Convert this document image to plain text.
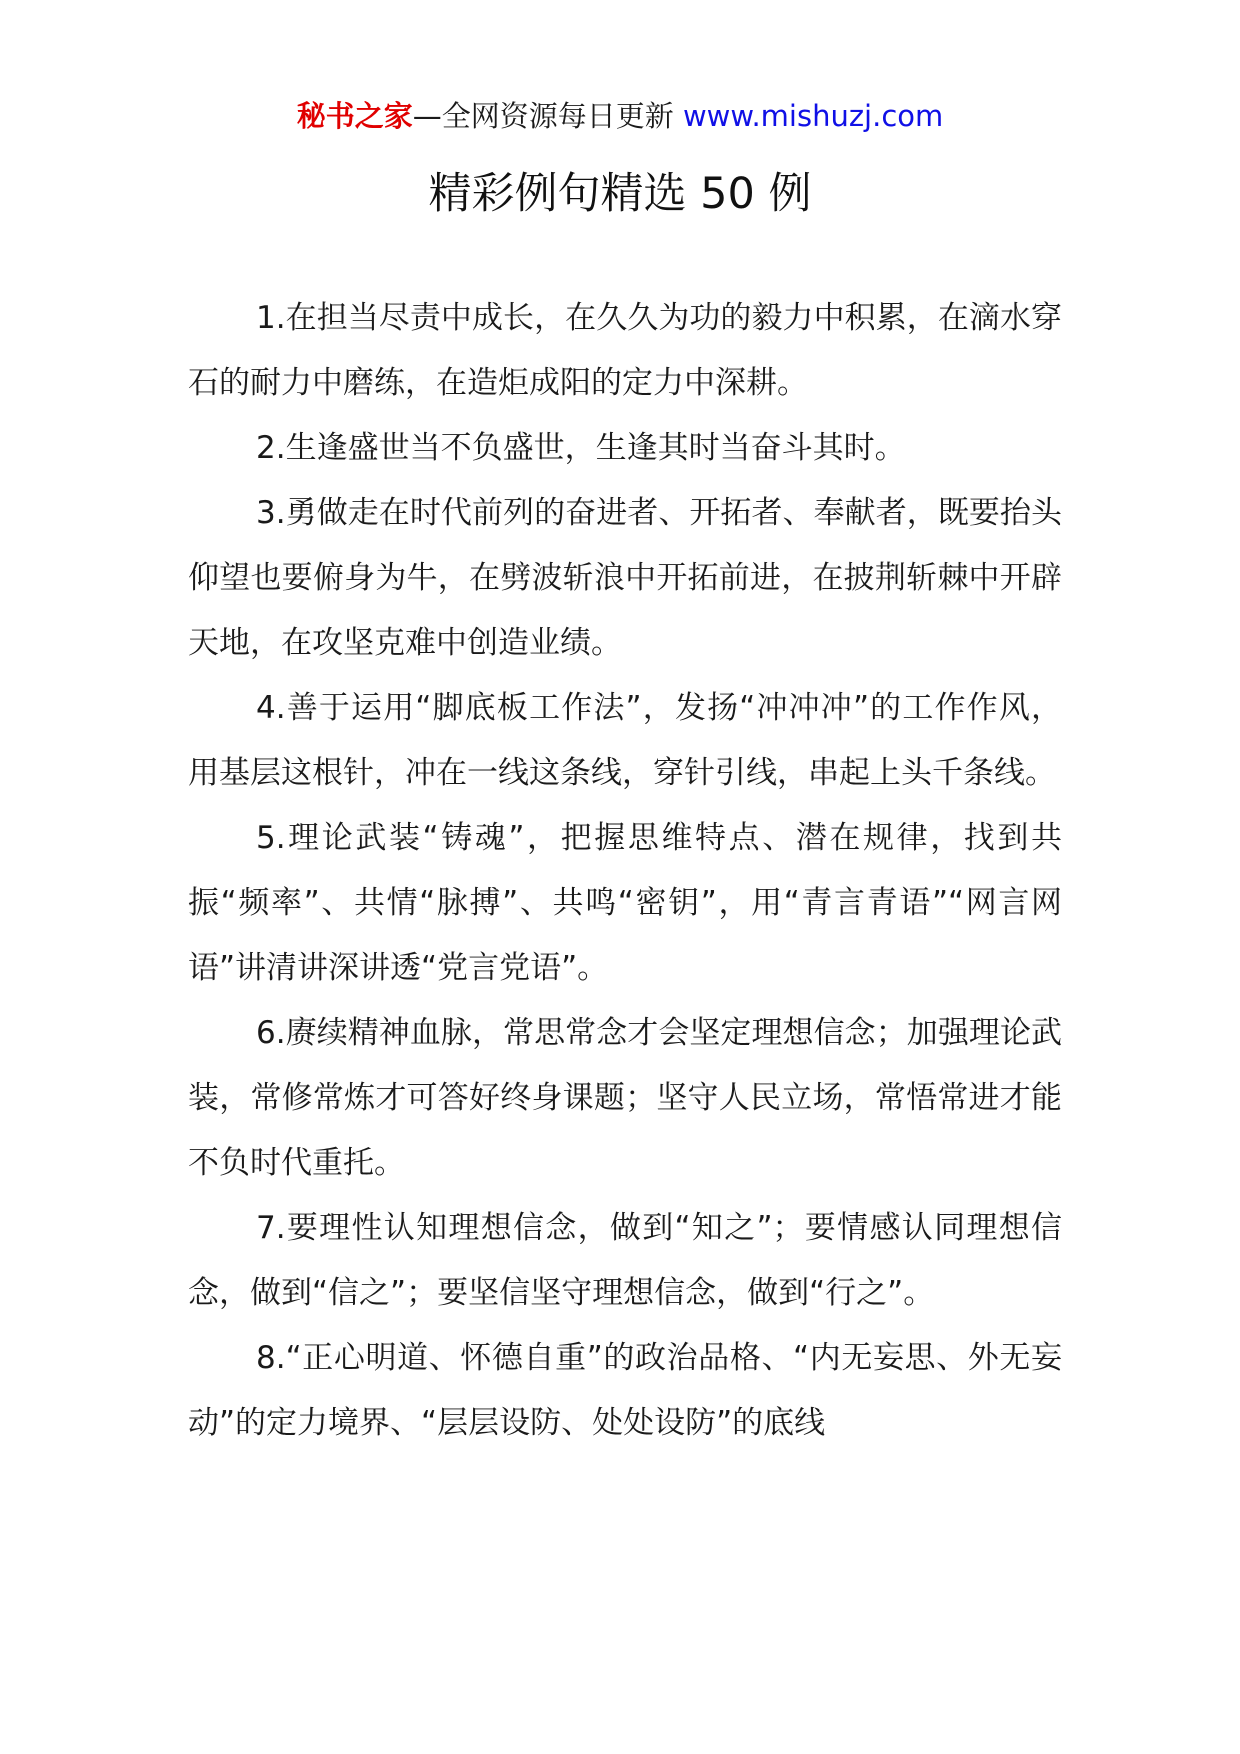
秘书之家—全网资源每日更新 www.mishuzj.com
精彩例句精选 50 例

1.在担当尽责中成长，在久久为功的毅力中积累，在滴水穿石的耐力中磨练，在造炬成阳的定力中深耕。

2.生逢盛世当不负盛世，生逢其时当奋斗其时。

3.勇做走在时代前列的奋进者、开拓者、奉献者，既要抬头仰望也要俯身为牛，在劈波斩浪中开拓前进，在披荆斩棘中开辟天地，在攻坚克难中创造业绩。

4.善于运用“脚底板工作法”，发扬“冲冲冲”的工作作风，用基层这根针，冲在一线这条线，穿针引线，串起上头千条线。

5.理论武装“铸魂”，把握思维特点、潜在规律，找到共振“频率”、共情“脉搏”、共鸣“密钥”，用“青言青语”“网言网语”讲清讲深讲透“党言党语”。

6.赓续精神血脉，常思常念才会坚定理想信念；加强理论武装，常修常炼才可答好终身课题；坚守人民立场，常悟常进才能不负时代重托。

7.要理性认知理想信念，做到“知之”；要情感认同理想信念，做到“信之”；要坚信坚守理想信念，做到“行之”。

8.“正心明道、怀德自重”的政治品格、“内无妄思、外无妄动”的定力境界、“层层设防、处处设防”的底线
